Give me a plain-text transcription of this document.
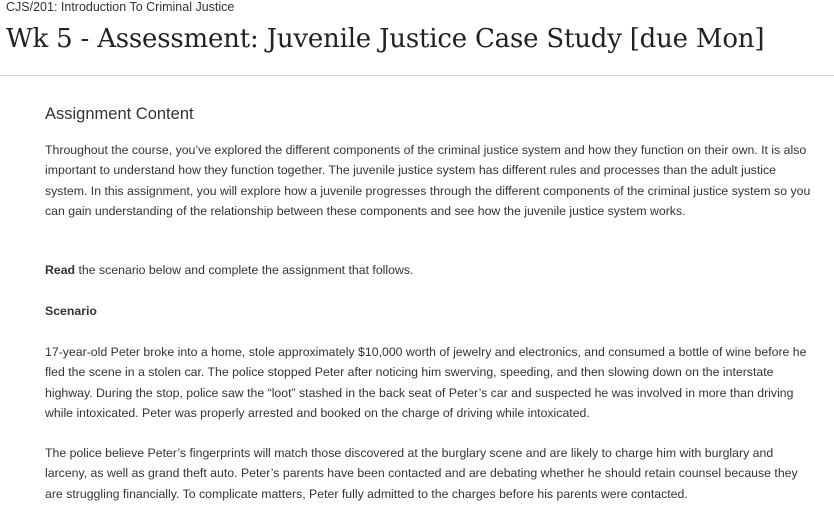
CJS/201: Introduction To Criminal Justice
Wk 5 - Assessment: Juvenile Justice Case Study [due Mon]
Assignment Content

Throughout the course, you’ve explored the different components of the criminal justice system and how they function on their own. It is also important to understand how they function together. The juvenile justice system has different rules and processes than the adult justice system. In this assignment, you will explore how a juvenile progresses through the different components of the criminal justice system so you can gain understanding of the relationship between these components and see how the juvenile justice system works.

Read the scenario below and complete the assignment that follows.

Scenario

17-year-old Peter broke into a home, stole approximately $10,000 worth of jewelry and electronics, and consumed a bottle of wine before he fled the scene in a stolen car. The police stopped Peter after noticing him swerving, speeding, and then slowing down on the interstate highway. During the stop, police saw the “loot” stashed in the back seat of Peter’s car and suspected he was involved in more than driving while intoxicated. Peter was properly arrested and booked on the charge of driving while intoxicated.

The police believe Peter’s fingerprints will match those discovered at the burglary scene and are likely to charge him with burglary and larceny, as well as grand theft auto. Peter’s parents have been contacted and are debating whether he should retain counsel because they are struggling financially. To complicate matters, Peter fully admitted to the charges before his parents were contacted.
